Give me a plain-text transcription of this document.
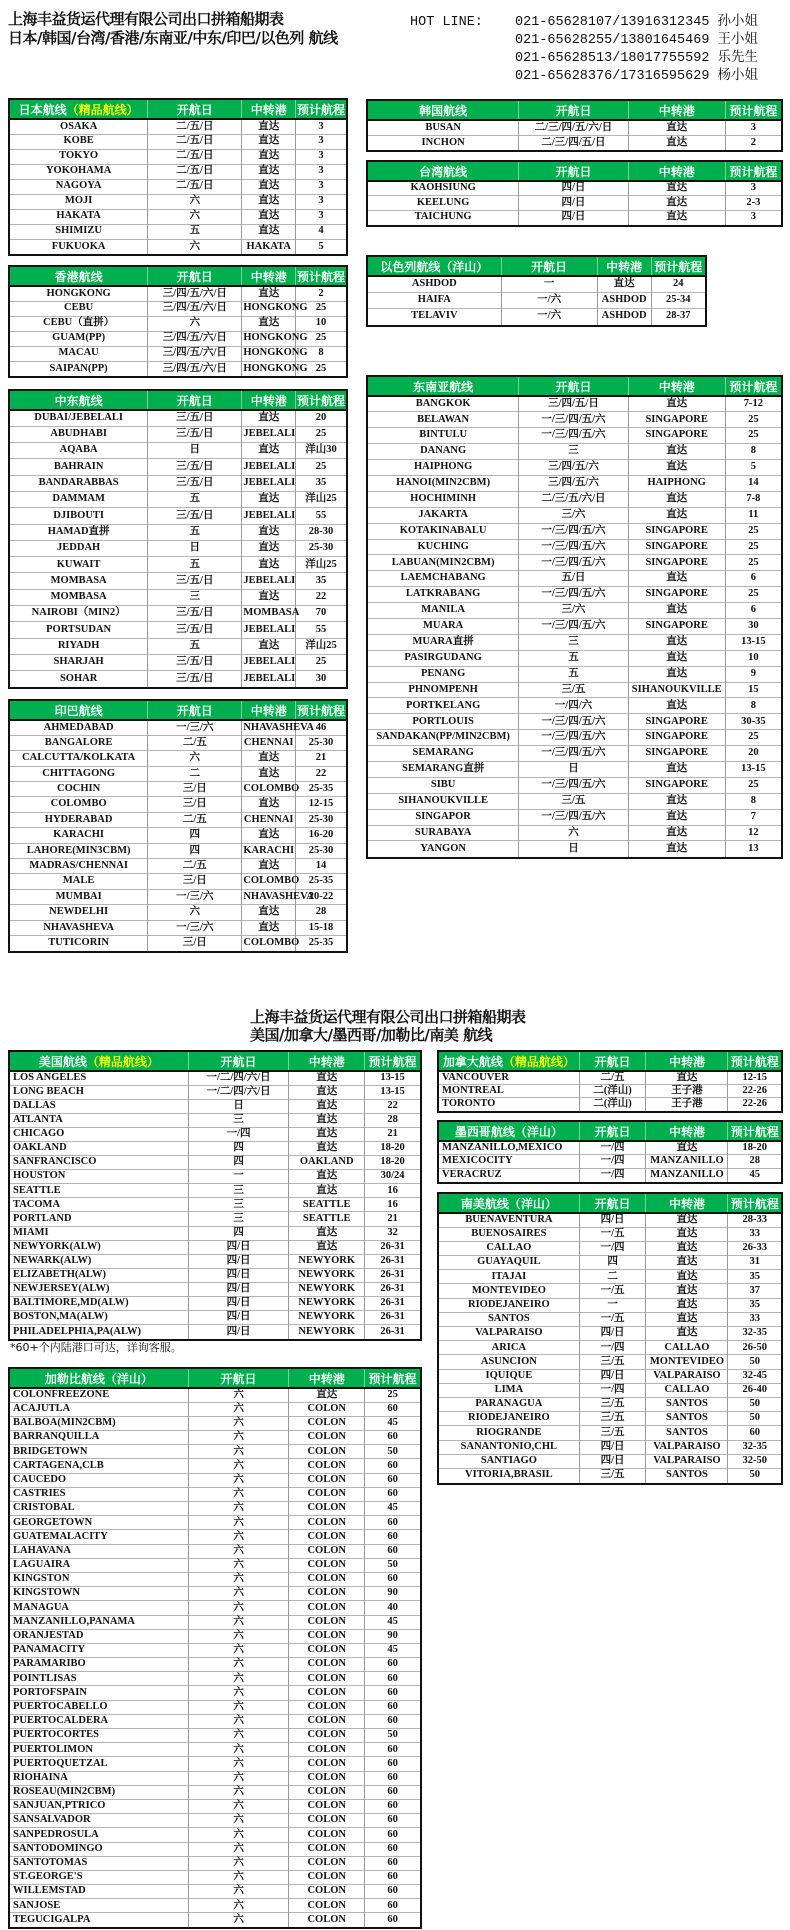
上海丰益货运代理有限公司出口拼箱船期表
日本/韩国/台湾/香港/东南亚/中东/印巴/以色列 航线
HOT LINE: 021-65628107/13916312345 孙小姐
021-65628255/13801645469 王小姐
021-65628513/18017755592 乐先生
021-65628376/17316595629 杨小姐
上海丰益货运代理有限公司出口拼箱船期表
美国/加拿大/墨西哥/加勒比/南美 航线
*60+个内陆港口可达，详询客服。
日本航线（精品航线）	开航日	中转港	预计航程
OSAKA	二/五/日	直达	3
KOBE	二/五/日	直达	3
TOKYO	二/五/日	直达	3
YOKOHAMA	二/五/日	直达	3
NAGOYA	二/五/日	直达	3
MOJI	六	直达	3
HAKATA	六	直达	3
SHIMIZU	五	直达	4
FUKUOKA	六	HAKATA	5
香港航线	开航日	中转港	预计航程
HONGKONG	三/四/五/六/日	直达	2
CEBU	三/四/五/六/日	HONGKONG	25
CEBU（直拼）	六	直达	10
GUAM(PP)	三/四/五/六/日	HONGKONG	25
MACAU	三/四/五/六/日	HONGKONG	8
SAIPAN(PP)	三/四/五/六/日	HONGKONG	25
中东航线	开航日	中转港	预计航程
DUBAI/JEBELALI	三/五/日	直达	20
ABUDHABI	三/五/日	JEBELALI	25
AQABA	日	直达	洋山30
BAHRAIN	三/五/日	JEBELALI	25
BANDARABBAS	三/五/日	JEBELALI	35
DAMMAM	五	直达	洋山25
DJIBOUTI	三/五/日	JEBELALI	55
HAMAD直拼	五	直达	28-30
JEDDAH	日	直达	25-30
KUWAIT	五	直达	洋山25
MOMBASA	三/五/日	JEBELALI	35
MOMBASA	三	直达	22
NAIROBI（MIN2）	三/五/日	MOMBASA	70
PORTSUDAN	三/五/日	JEBELALI	55
RIYADH	五	直达	洋山25
SHARJAH	三/五/日	JEBELALI	25
SOHAR	三/五/日	JEBELALI	30
印巴航线	开航日	中转港	预计航程
AHMEDABAD	一/三/六	NHAVASHEVA	46
BANGALORE	二/五	CHENNAI	25-30
CALCUTTA/KOLKATA	六	直达	21
CHITTAGONG	二	直达	22
COCHIN	三/日	COLOMBO	25-35
COLOMBO	三/日	直达	12-15
HYDERABAD	二/五	CHENNAI	25-30
KARACHI	四	直达	16-20
LAHORE(MIN3CBM)	四	KARACHI	25-30
MADRAS/CHENNAI	二/五	直达	14
MALE	三/日	COLOMBO	25-35
MUMBAI	一/三/六	NHAVASHEVA	20-22
NEWDELHI	六	直达	28
NHAVASHEVA	一/三/六	直达	15-18
TUTICORIN	三/日	COLOMBO	25-35
韩国航线	开航日	中转港	预计航程
BUSAN	二/三/四/五/六/日	直达	3
INCHON	二/三/四/五/日	直达	2
台湾航线	开航日	中转港	预计航程
KAOHSIUNG	四/日	直达	3
KEELUNG	四/日	直达	2-3
TAICHUNG	四/日	直达	3
以色列航线（洋山）	开航日	中转港	预计航程
ASHDOD	一	直达	24
HAIFA	一/六	ASHDOD	25-34
TELAVIV	一/六	ASHDOD	28-37
东南亚航线	开航日	中转港	预计航程
BANGKOK	三/四/五/日	直达	7-12
BELAWAN	一/三/四/五/六	SINGAPORE	25
BINTULU	一/三/四/五/六	SINGAPORE	25
DANANG	三	直达	8
HAIPHONG	三/四/五/六	直达	5
HANOI(MIN2CBM)	三/四/五/六	HAIPHONG	14
HOCHIMINH	二/三/五/六/日	直达	7-8
JAKARTA	三/六	直达	11
KOTAKINABALU	一/三/四/五/六	SINGAPORE	25
KUCHING	一/三/四/五/六	SINGAPORE	25
LABUAN(MIN2CBM)	一/三/四/五/六	SINGAPORE	25
LAEMCHABANG	五/日	直达	6
LATKRABANG	一/三/四/五/六	SINGAPORE	25
MANILA	三/六	直达	6
MUARA	一/三/四/五/六	SINGAPORE	30
MUARA直拼	三	直达	13-15
PASIRGUDANG	五	直达	10
PENANG	五	直达	9
PHNOMPENH	三/五	SIHANOUKVILLE	15
PORTKELANG	一/四/六	直达	8
PORTLOUIS	一/三/四/五/六	SINGAPORE	30-35
SANDAKAN(PP/MIN2CBM)	一/三/四/五/六	SINGAPORE	25
SEMARANG	一/三/四/五/六	SINGAPORE	20
SEMARANG直拼	日	直达	13-15
SIBU	一/三/四/五/六	SINGAPORE	25
SIHANOUKVILLE	三/五	直达	8
SINGAPOR	一/三/四/五/六	直达	7
SURABAYA	六	直达	12
YANGON	日	直达	13
美国航线（精品航线）	开航日	中转港	预计航程
LOS ANGELES	一/二/四/六/日	直达	13-15
LONG BEACH	一/二/四/六/日	直达	13-15
DALLAS	日	直达	22
ATLANTA	三	直达	28
CHICAGO	一/四	直达	21
OAKLAND	四	直达	18-20
SANFRANCISCO	四	OAKLAND	18-20
HOUSTON	一	直达	30/24
SEATTLE	三	直达	16
TACOMA	三	SEATTLE	16
PORTLAND	三	SEATTLE	21
MIAMI	四	直达	32
NEWYORK(ALW)	四/日	直达	26-31
NEWARK(ALW)	四/日	NEWYORK	26-31
ELIZABETH(ALW)	四/日	NEWYORK	26-31
NEWJERSEY(ALW)	四/日	NEWYORK	26-31
BALTIMORE,MD(ALW)	四/日	NEWYORK	26-31
BOSTON,MA(ALW)	四/日	NEWYORK	26-31
PHILADELPHIA,PA(ALW)	四/日	NEWYORK	26-31
加勒比航线（洋山）	开航日	中转港	预计航程
COLONFREEZONE	六	直达	25
ACAJUTLA	六	COLON	60
BALBOA(MIN2CBM)	六	COLON	45
BARRANQUILLA	六	COLON	60
BRIDGETOWN	六	COLON	50
CARTAGENA,CLB	六	COLON	60
CAUCEDO	六	COLON	60
CASTRIES	六	COLON	60
CRISTOBAL	六	COLON	45
GEORGETOWN	六	COLON	60
GUATEMALACITY	六	COLON	60
LAHAVANA	六	COLON	60
LAGUAIRA	六	COLON	50
KINGSTON	六	COLON	60
KINGSTOWN	六	COLON	90
MANAGUA	六	COLON	40
MANZANILLO,PANAMA	六	COLON	45
ORANJESTAD	六	COLON	90
PANAMACITY	六	COLON	45
PARAMARIBO	六	COLON	60
POINTLISAS	六	COLON	60
PORTOFSPAIN	六	COLON	60
PUERTOCABELLO	六	COLON	60
PUERTOCALDERA	六	COLON	60
PUERTOCORTES	六	COLON	50
PUERTOLIMON	六	COLON	60
PUERTOQUETZAL	六	COLON	60
RIOHAINA	六	COLON	60
ROSEAU(MIN2CBM)	六	COLON	60
SANJUAN,PTRICO	六	COLON	60
SANSALVADOR	六	COLON	60
SANPEDROSULA	六	COLON	60
SANTODOMINGO	六	COLON	60
SANTOTOMAS	六	COLON	60
ST.GEORGE'S	六	COLON	60
WILLEMSTAD	六	COLON	60
SANJOSE	六	COLON	60
TEGUCIGALPA	六	COLON	60
加拿大航线（精品航线）	开航日	中转港	预计航程
VANCOUVER	二/五	直达	12-15
MONTREAL	二(洋山)	王子港	22-26
TORONTO	二(洋山)	王子港	22-26
墨西哥航线（洋山）	开航日	中转港	预计航程
MANZANILLO,MEXICO	一/四	直达	18-20
MEXICOCITY	一/四	MANZANILLO	28
VERACRUZ	一/四	MANZANILLO	45
南美航线（洋山）	开航日	中转港	预计航程
BUENAVENTURA	四/日	直达	28-33
BUENOSAIRES	一/五	直达	33
CALLAO	一/四	直达	26-33
GUAYAQUIL	四	直达	31
ITAJAI	二	直达	35
MONTEVIDEO	一/五	直达	37
RIODEJANEIRO	一	直达	35
SANTOS	一/五	直达	33
VALPARAISO	四/日	直达	32-35
ARICA	一/四	CALLAO	26-50
ASUNCION	三/五	MONTEVIDEO	50
IQUIQUE	四/日	VALPARAISO	32-45
LIMA	一/四	CALLAO	26-40
PARANAGUA	三/五	SANTOS	50
RIODEJANEIRO	三/五	SANTOS	50
RIOGRANDE	三/五	SANTOS	60
SANANTONIO,CHL	四/日	VALPARAISO	32-35
SANTIAGO	四/日	VALPARAISO	32-50
VITORIA,BRASIL	三/五	SANTOS	50
